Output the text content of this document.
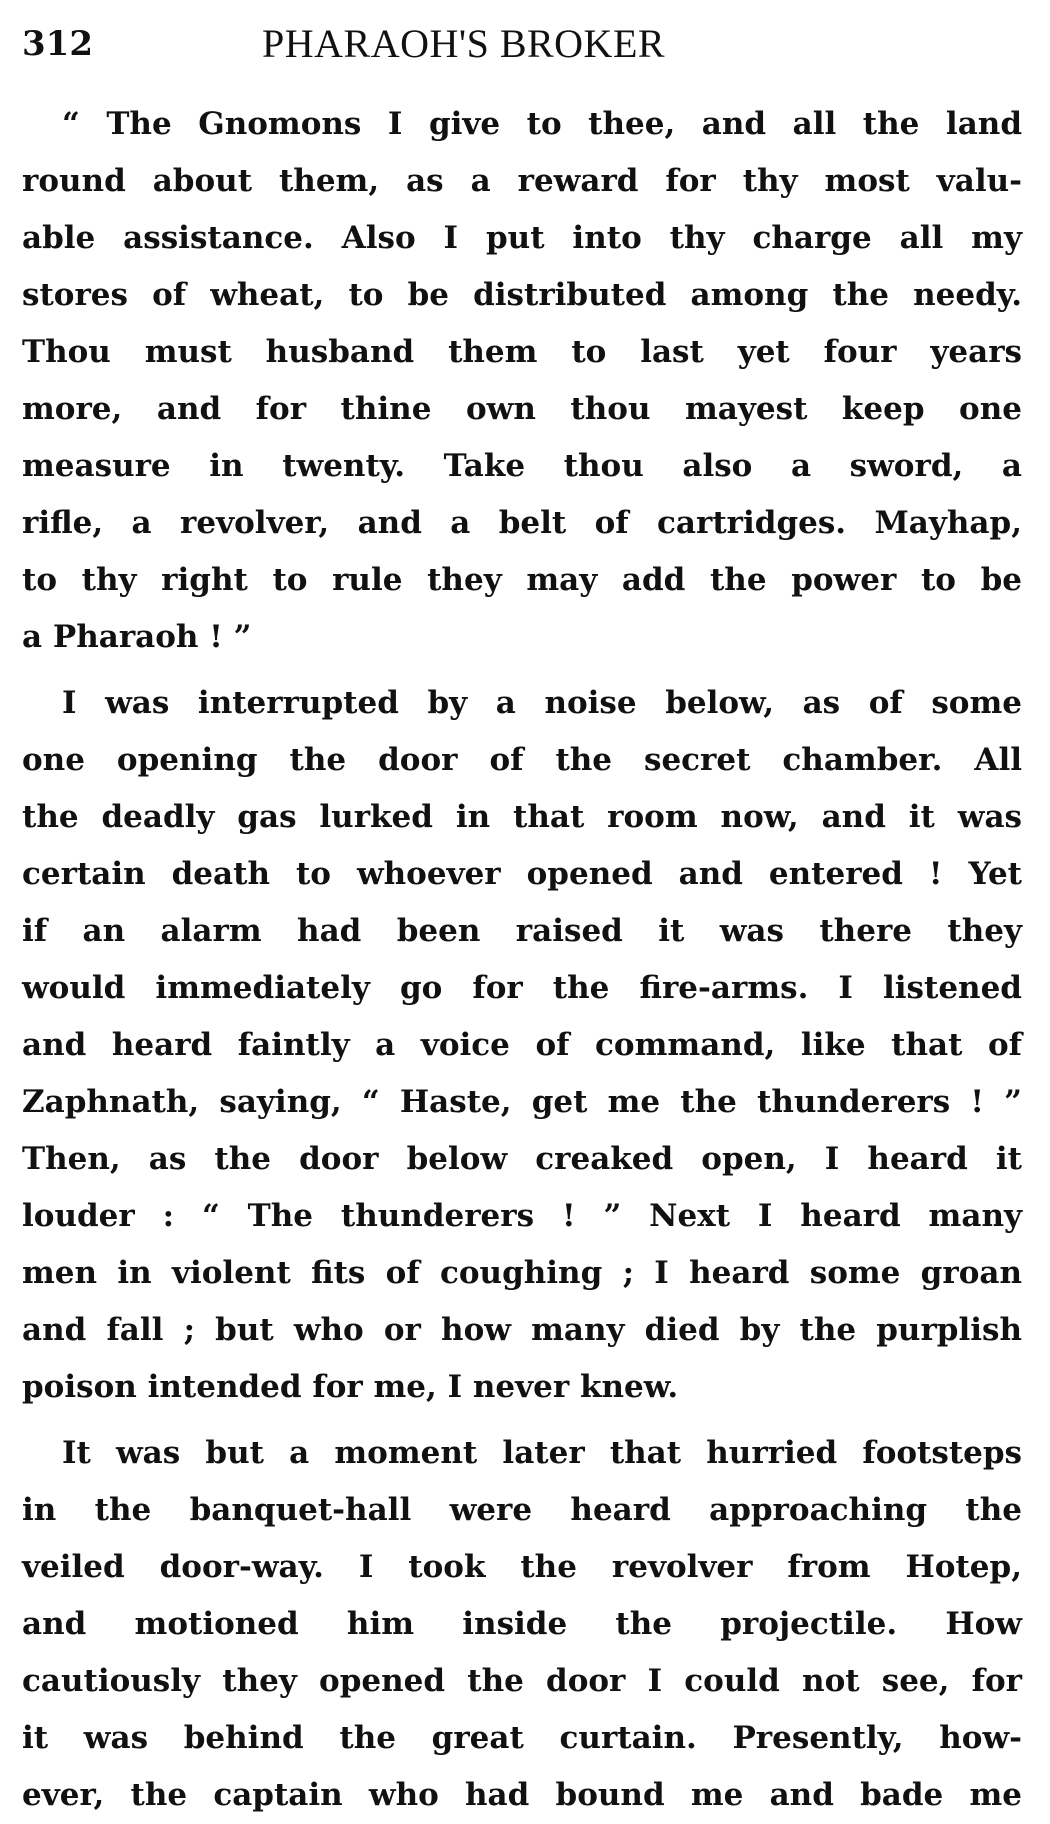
312	PHARAOH'S BROKER
“ The Gnomons I give to thee, and all the land
round about them, as a reward for thy most valu-
able assistance. Also I put into thy charge all my
stores of wheat, to be distributed among the needy.
Thou must husband them to last yet four years
more, and for thine own thou mayest keep one
measure in twenty. Take thou also a sword, a
rifle, a revolver, and a belt of cartridges. Mayhap,
to thy right to rule they may add the power to be
a Pharaoh ! ”
I was interrupted by a noise below, as of some
one opening the door of the secret chamber. All
the deadly gas lurked in that room now, and it was
certain death to whoever opened and entered ! Yet
if an alarm had been raised it was there they
would immediately go for the fire-arms. I listened
and heard faintly a voice of command, like that of
Zaphnath, saying, “ Haste, get me the thunderers ! ”
Then, as the door below creaked open, I heard it
louder : “ The thunderers ! ” Next I heard many
men in violent fits of coughing ; I heard some groan
and fall ; but who or how many died by the purplish
poison intended for me, I never knew.
It was but a moment later that hurried footsteps
in the banquet-hall were heard approaching the
veiled door-way. I took the revolver from Hotep,
and motioned him inside the projectile. How
cautiously they opened the door I could not see, for
it was behind the great curtain. Presently, how-
ever, the captain who had bound me and bade me
